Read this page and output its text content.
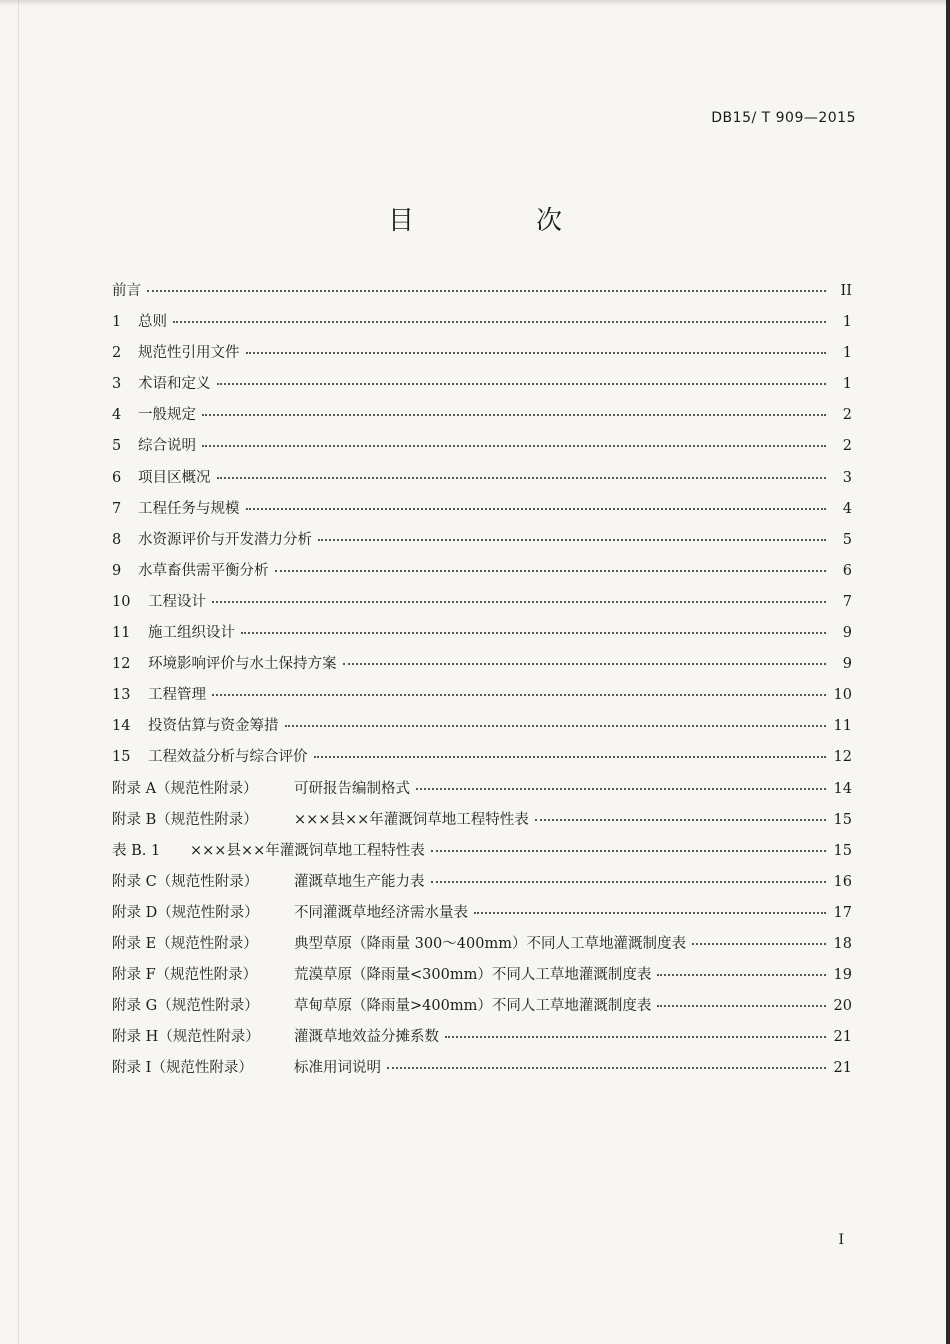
DB15/ T 909—2015
目　次
前言	II
1	总则	1
2	规范性引用文件	1
3	术语和定义	1
4	一般规定	2
5	综合说明	2
6	项目区概况	3
7	工程任务与规模	4
8	水资源评价与开发潜力分析	5
9	水草畜供需平衡分析	6
10	工程设计	7
11	施工组织设计	9
12	环境影响评价与水土保持方案	9
13	工程管理	10
14	投资估算与资金筹措	11
15	工程效益分析与综合评价	12
附录 A（规范性附录）	可研报告编制格式	14
附录 B（规范性附录）	×××县××年灌溉饲草地工程特性表	15
表 B. 1	×××县××年灌溉饲草地工程特性表	15
附录 C（规范性附录）	灌溉草地生产能力表	16
附录 D（规范性附录）	不同灌溉草地经济需水量表	17
附录 E（规范性附录）	典型草原（降雨量 300～400mm）不同人工草地灌溉制度表	18
附录 F（规范性附录）	荒漠草原（降雨量<300mm）不同人工草地灌溉制度表	19
附录 G（规范性附录）	草甸草原（降雨量>400mm）不同人工草地灌溉制度表	20
附录 H（规范性附录）	灌溉草地效益分摊系数	21
附录 I（规范性附录）	标准用词说明	21
I
